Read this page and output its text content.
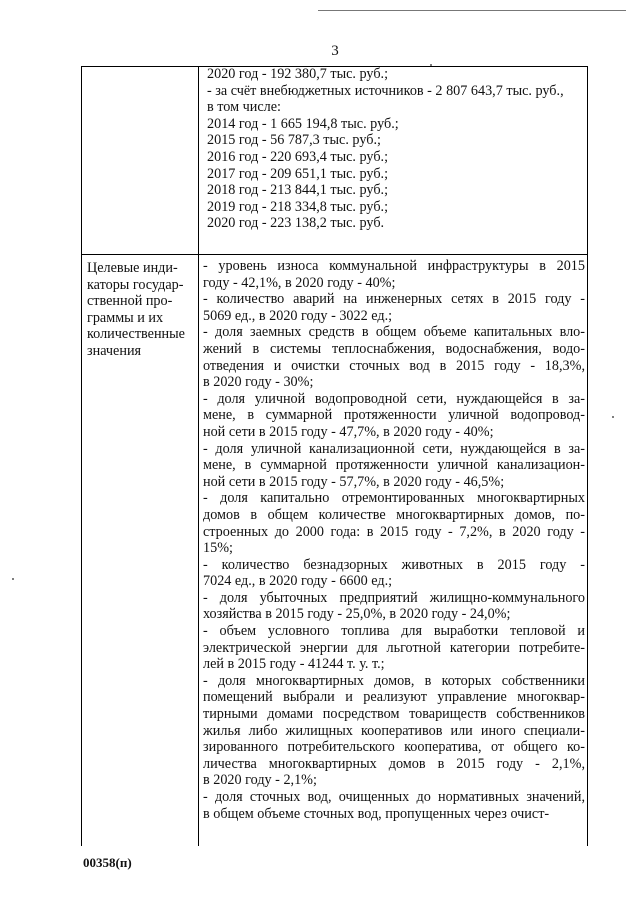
3
2020 год - 192 380,7 тыс. руб.;
- за счёт внебюджетных источников - 2 807 643,7 тыс. руб.,
в том числе:
2014 год - 1 665 194,8 тыс. руб.;
2015 год - 56 787,3 тыс. руб.;
2016 год - 220 693,4 тыс. руб.;
2017 год - 209 651,1 тыс. руб.;
2018 год - 213 844,1 тыс. руб.;
2019 год - 218 334,8 тыс. руб.;
2020 год - 223 138,2 тыс. руб.
Целевые инди-
каторы государ-
ственной про-
граммы и их
количественные
значения
- уровень износа коммунальной инфраструктуры в 2015
году - 42,1%, в 2020 году - 40%;
- количество аварий на инженерных сетях в 2015 году -
5069 ед., в 2020 году - 3022 ед.;
- доля заемных средств в общем объеме капитальных вло-
жений в системы теплоснабжения, водоснабжения, водо-
отведения и очистки сточных вод в 2015 году - 18,3%,
в 2020 году - 30%;
- доля уличной водопроводной сети, нуждающейся в за-
мене, в суммарной протяженности уличной водопровод-
ной сети в 2015 году - 47,7%, в 2020 году - 40%;
- доля уличной канализационной сети, нуждающейся в за-
мене, в суммарной протяженности уличной канализацион-
ной сети в 2015 году - 57,7%, в 2020 году - 46,5%;
- доля капитально отремонтированных многоквартирных
домов в общем количестве многоквартирных домов, по-
строенных до 2000 года: в 2015 году - 7,2%, в 2020 году -
15%;
- количество безнадзорных животных в 2015 году -
7024 ед., в 2020 году - 6600 ед.;
- доля убыточных предприятий жилищно-коммунального
хозяйства в 2015 году - 25,0%, в 2020 году - 24,0%;
- объем условного топлива для выработки тепловой и
электрической энергии для льготной категории потребите-
лей в 2015 году - 41244 т. у. т.;
- доля многоквартирных домов, в которых собственники
помещений выбрали и реализуют управление многоквар-
тирными домами посредством товариществ собственников
жилья либо жилищных кооперативов или иного специали-
зированного потребительского кооператива, от общего ко-
личества многоквартирных домов в 2015 году - 2,1%,
в 2020 году - 2,1%;
- доля сточных вод, очищенных до нормативных значений,
в общем объеме сточных вод, пропущенных через очист-
00358(п)
